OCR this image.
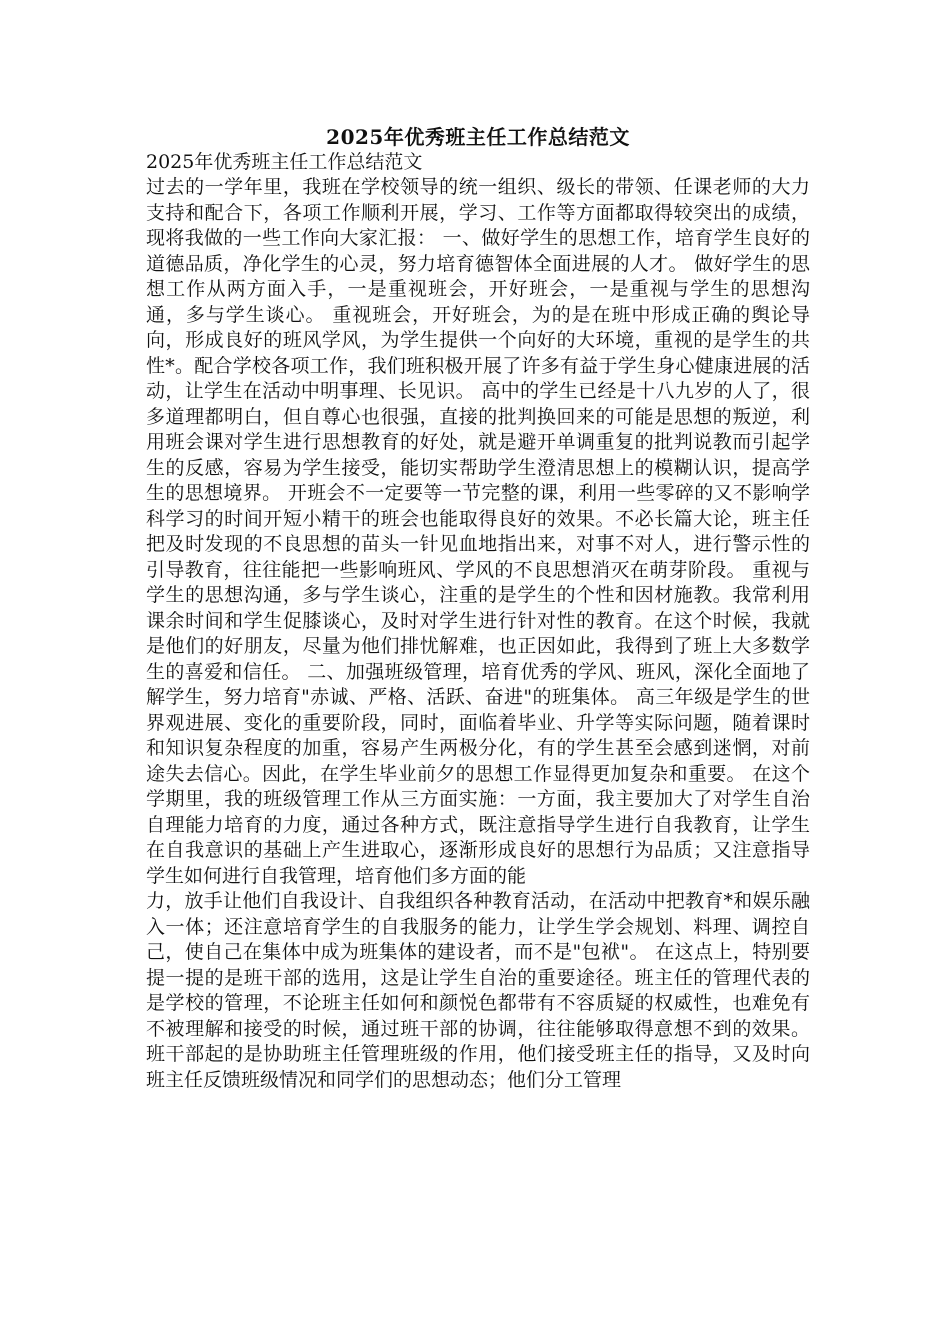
2025年优秀班主任工作总结范文

2025年优秀班主任工作总结范文

过去的一学年里，我班在学校领导的统一组织、级长的带领、任课老师的大力支持和配合下，各项工作顺利开展，学习、工作等方面都取得较突出的成绩，现将我做的一些工作向大家汇报： 一、做好学生的思想工作，培育学生良好的道德品质，净化学生的心灵，努力培育德智体全面进展的人才。 做好学生的思想工作从两方面入手，一是重视班会，开好班会，一是重视与学生的思想沟通，多与学生谈心。 重视班会，开好班会，为的是在班中形成正确的舆论导向，形成良好的班风学风，为学生提供一个向好的大环境，重视的是学生的共性*。配合学校各项工作，我们班积极开展了许多有益于学生身心健康进展的活动，让学生在活动中明事理、长见识。 高中的学生已经是十八九岁的人了，很多道理都明白，但自尊心也很强，直接的批判换回来的可能是思想的叛逆，利用班会课对学生进行思想教育的好处，就是避开单调重复的批判说教而引起学生的反感，容易为学生接受，能切实帮助学生澄清思想上的模糊认识，提高学生的思想境界。 开班会不一定要等一节完整的课，利用一些零碎的又不影响学科学习的时间开短小精干的班会也能取得良好的效果。不必长篇大论，班主任把及时发现的不良思想的苗头一针见血地指出来，对事不对人，进行警示性的引导教育，往往能把一些影响班风、学风的不良思想消灭在萌芽阶段。 重视与学生的思想沟通，多与学生谈心，注重的是学生的个性和因材施教。我常利用课余时间和学生促膝谈心，及时对学生进行针对性的教育。在这个时候，我就是他们的好朋友，尽量为他们排忧解难，也正因如此，我得到了班上大多数学生的喜爱和信任。 二、加强班级管理，培育优秀的学风、班风，深化全面地了解学生，努力培育"赤诚、严格、活跃、奋进"的班集体。 高三年级是学生的世界观进展、变化的重要阶段，同时，面临着毕业、升学等实际问题，随着课时和知识复杂程度的加重，容易产生两极分化，有的学生甚至会感到迷惘，对前途失去信心。因此，在学生毕业前夕的思想工作显得更加复杂和重要。 在这个学期里，我的班级管理工作从三方面实施：一方面，我主要加大了对学生自治自理能力培育的力度，通过各种方式，既注意指导学生进行自我教育，让学生在自我意识的基础上产生进取心，逐渐形成良好的思想行为品质；又注意指导学生如何进行自我管理，培育他们多方面的能

力，放手让他们自我设计、自我组织各种教育活动，在活动中把教育*和娱乐融入一体；还注意培育学生的自我服务的能力，让学生学会规划、料理、调控自己，使自己在集体中成为班集体的建设者，而不是"包袱"。 在这点上，特别要提一提的是班干部的选用，这是让学生自治的重要途径。班主任的管理代表的是学校的管理，不论班主任如何和颜悦色都带有不容质疑的权威性，也难免有不被理解和接受的时候，通过班干部的协调，往往能够取得意想不到的效果。班干部起的是协助班主任管理班级的作用，他们接受班主任的指导，又及时向班主任反馈班级情况和同学们的思想动态；他们分工管理
